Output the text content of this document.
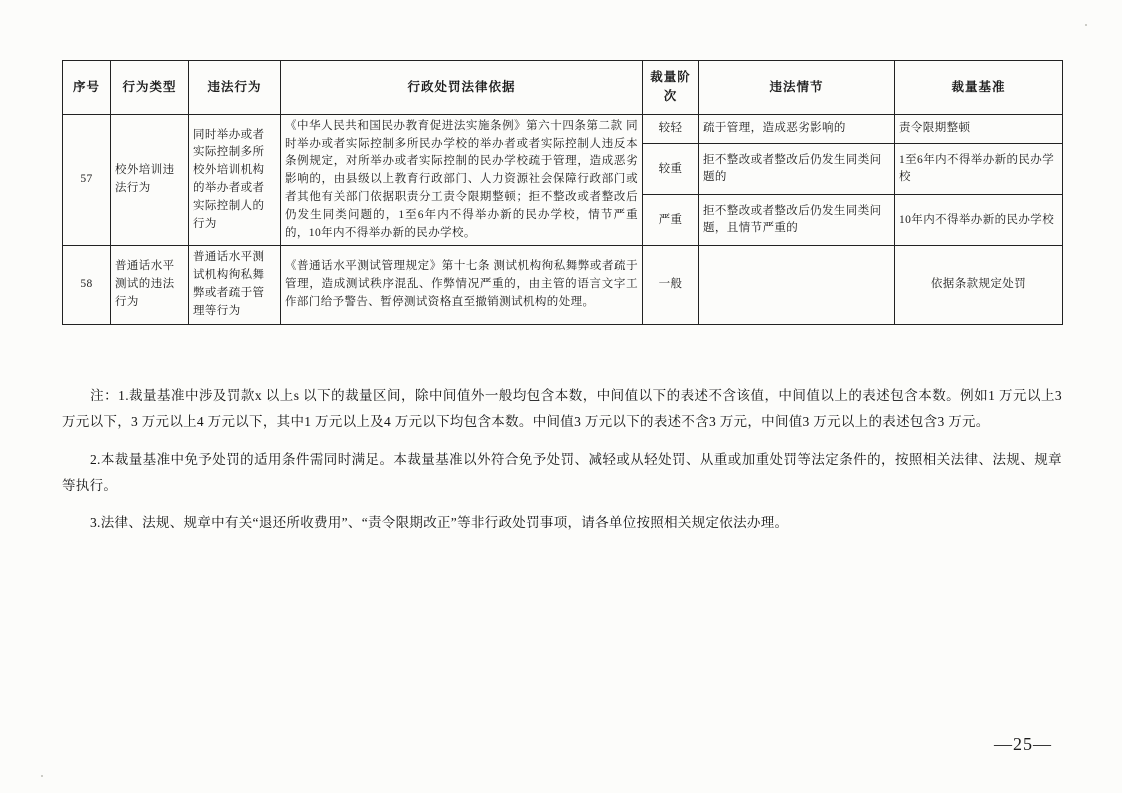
序号	行为类型	违法行为	行政处罚法律依据	裁量阶次	违法情节	裁量基准
57	校外培训违法行为	同时举办或者实际控制多所校外培训机构的举办者或者实际控制人的行为	《中华人民共和国民办教育促进法实施条例》第六十四条第二款 同时举办或者实际控制多所民办学校的举办者或者实际控制人违反本条例规定，对所举办或者实际控制的民办学校疏于管理，造成恶劣影响的，由县级以上教育行政部门、人力资源社会保障行政部门或者其他有关部门依据职责分工责令限期整顿；拒不整改或者整改后仍发生同类问题的，1至6年内不得举办新的民办学校，情节严重的，10年内不得举办新的民办学校。	较轻	疏于管理，造成恶劣影响的	责令限期整顿
				较重	拒不整改或者整改后仍发生同类问题的	1至6年内不得举办新的民办学校
				严重	拒不整改或者整改后仍发生同类问题，且情节严重的	10年内不得举办新的民办学校
58	普通话水平测试的违法行为	普通话水平测试机构徇私舞弊或者疏于管理等行为	《普通话水平测试管理规定》第十七条 测试机构徇私舞弊或者疏于管理，造成测试秩序混乱、作弊情况严重的，由主管的语言文字工作部门给予警告、暂停测试资格直至撤销测试机构的处理。	一般		依据条款规定处罚
注：1.裁量基准中涉及罚款x 以上s 以下的裁量区间，除中间值外一般均包含本数，中间值以下的表述不含该值，中间值以上的表述包含本数。例如1 万元以上3 万元以下，3 万元以上4 万元以下，其中1 万元以上及4 万元以下均包含本数。中间值3 万元以下的表述不含3 万元，中间值3 万元以上的表述包含3 万元。
2.本裁量基准中免予处罚的适用条件需同时满足。本裁量基准以外符合免予处罚、减轻或从轻处罚、从重或加重处罚等法定条件的，按照相关法律、法规、规章等执行。
3.法律、法规、规章中有关“退还所收费用”、“责令限期改正”等非行政处罚事项，请各单位按照相关规定依法办理。
—25—
